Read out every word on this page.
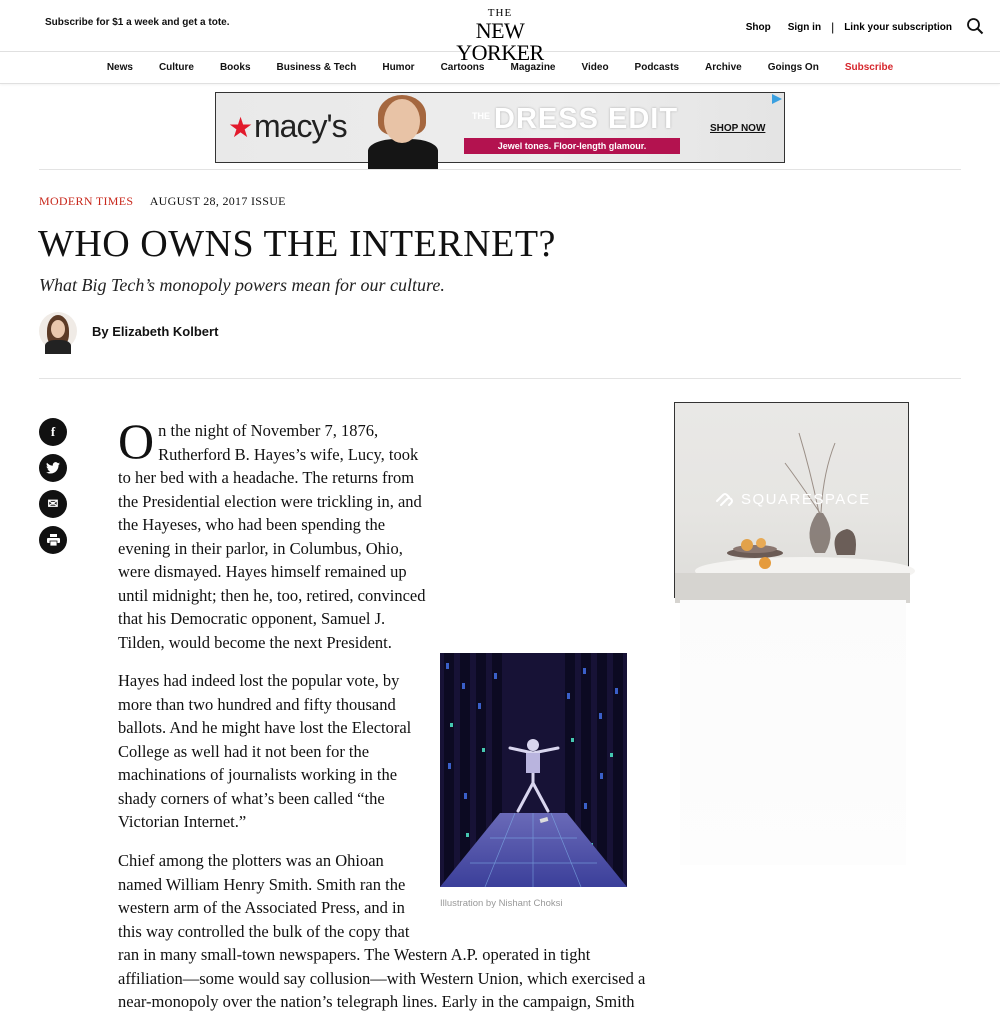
Subscribe for $1 a week and get a tote.
THE
NEW YORKER
Shop Sign in | Link your subscription
News	Culture	Books	Business & Tech	Humor	Cartoons	Magazine	Video	Podcasts	Archive	Goings On	Subscribe
★ macy's	THE DRESS EDIT
Jewel tones. Floor-length glamour.
SHOP NOW
MODERN TIMES AUGUST 28, 2017 ISSUE
WHO OWNS THE INTERNET?

What Big Tech’s monopoly powers mean for our culture.

By Elizabeth Kolbert
f
✉
O n the night of November 7, 1876,
Rutherford B. Hayes’s wife, Lucy, took
to her bed with a headache. The returns from
the Presidential election were trickling in, and
the Hayeses, who had been spending the
evening in their parlor, in Columbus, Ohio,
were dismayed. Hayes himself remained up
until midnight; then he, too, retired, convinced
that his Democratic opponent, Samuel J.
Tilden, would become the next President.
Hayes had indeed lost the popular vote, by
more than two hundred and fifty thousand
ballots. And he might have lost the Electoral
College as well had it not been for the
machinations of journalists working in the
shady corners of what’s been called “the
Victorian Internet.”
Chief among the plotters was an Ohioan
named William Henry Smith. Smith ran the
western arm of the Associated Press, and in
this way controlled the bulk of the copy that
ran in many small-town newspapers. The Western A.P. operated in tight
affiliation—some would say collusion—with Western Union, which exercised a
near-monopoly over the nation’s telegraph lines. Early in the campaign, Smith
Illustration by Nishant Choksi
SQUARESPACE
